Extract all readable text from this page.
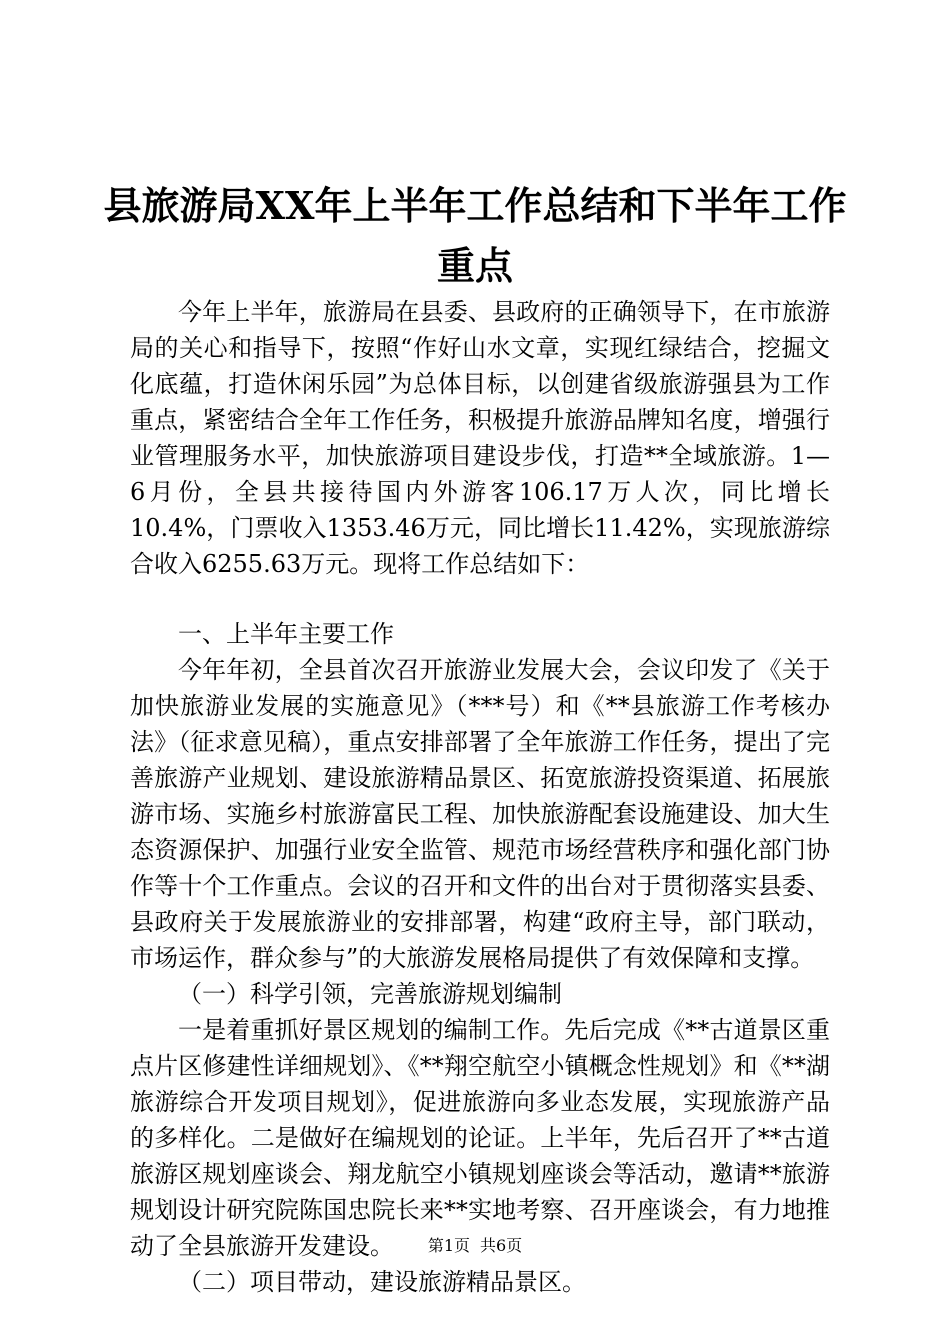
县旅游局XX年上半年工作总结和下半年工作
重点

今年上半年，旅游局在县委、县政府的正确领导下，在市旅游局的关心和指导下，按照“作好山水文章，实现红绿结合，挖掘文化底蕴，打造休闲乐园”为总体目标，以创建省级旅游强县为工作重点，紧密结合全年工作任务，积极提升旅游品牌知名度，增强行业管理服务水平，加快旅游项目建设步伐，打造**全域旅游。1—6月份，全县共接待国内外游客106.17万人次，同比增长10.4%，门票收入1353.46万元，同比增长11.42%，实现旅游综合收入6255.63万元。现将工作总结如下：

一、上半年主要工作

今年年初，全县首次召开旅游业发展大会，会议印发了《关于加快旅游业发展的实施意见》（***号）和《**县旅游工作考核办法》（征求意见稿），重点安排部署了全年旅游工作任务，提出了完善旅游产业规划、建设旅游精品景区、拓宽旅游投资渠道、拓展旅游市场、实施乡村旅游富民工程、加快旅游配套设施建设、加大生态资源保护、加强行业安全监管、规范市场经营秩序和强化部门协作等十个工作重点。会议的召开和文件的出台对于贯彻落实县委、县政府关于发展旅游业的安排部署，构建“政府主导，部门联动，市场运作，群众参与”的大旅游发展格局提供了有效保障和支撑。

（一）科学引领，完善旅游规划编制

一是着重抓好景区规划的编制工作。先后完成《**古道景区重点片区修建性详细规划》、《**翔空航空小镇概念性规划》和《**湖旅游综合开发项目规划》，促进旅游向多业态发展，实现旅游产品的多样化。二是做好在编规划的论证。上半年，先后召开了**古道旅游区规划座谈会、翔龙航空小镇规划座谈会等活动，邀请**旅游规划设计研究院陈国忠院长来**实地考察、召开座谈会，有力地推动了全县旅游开发建设。

（二）项目带动，建设旅游精品景区。

第1页 共6页
